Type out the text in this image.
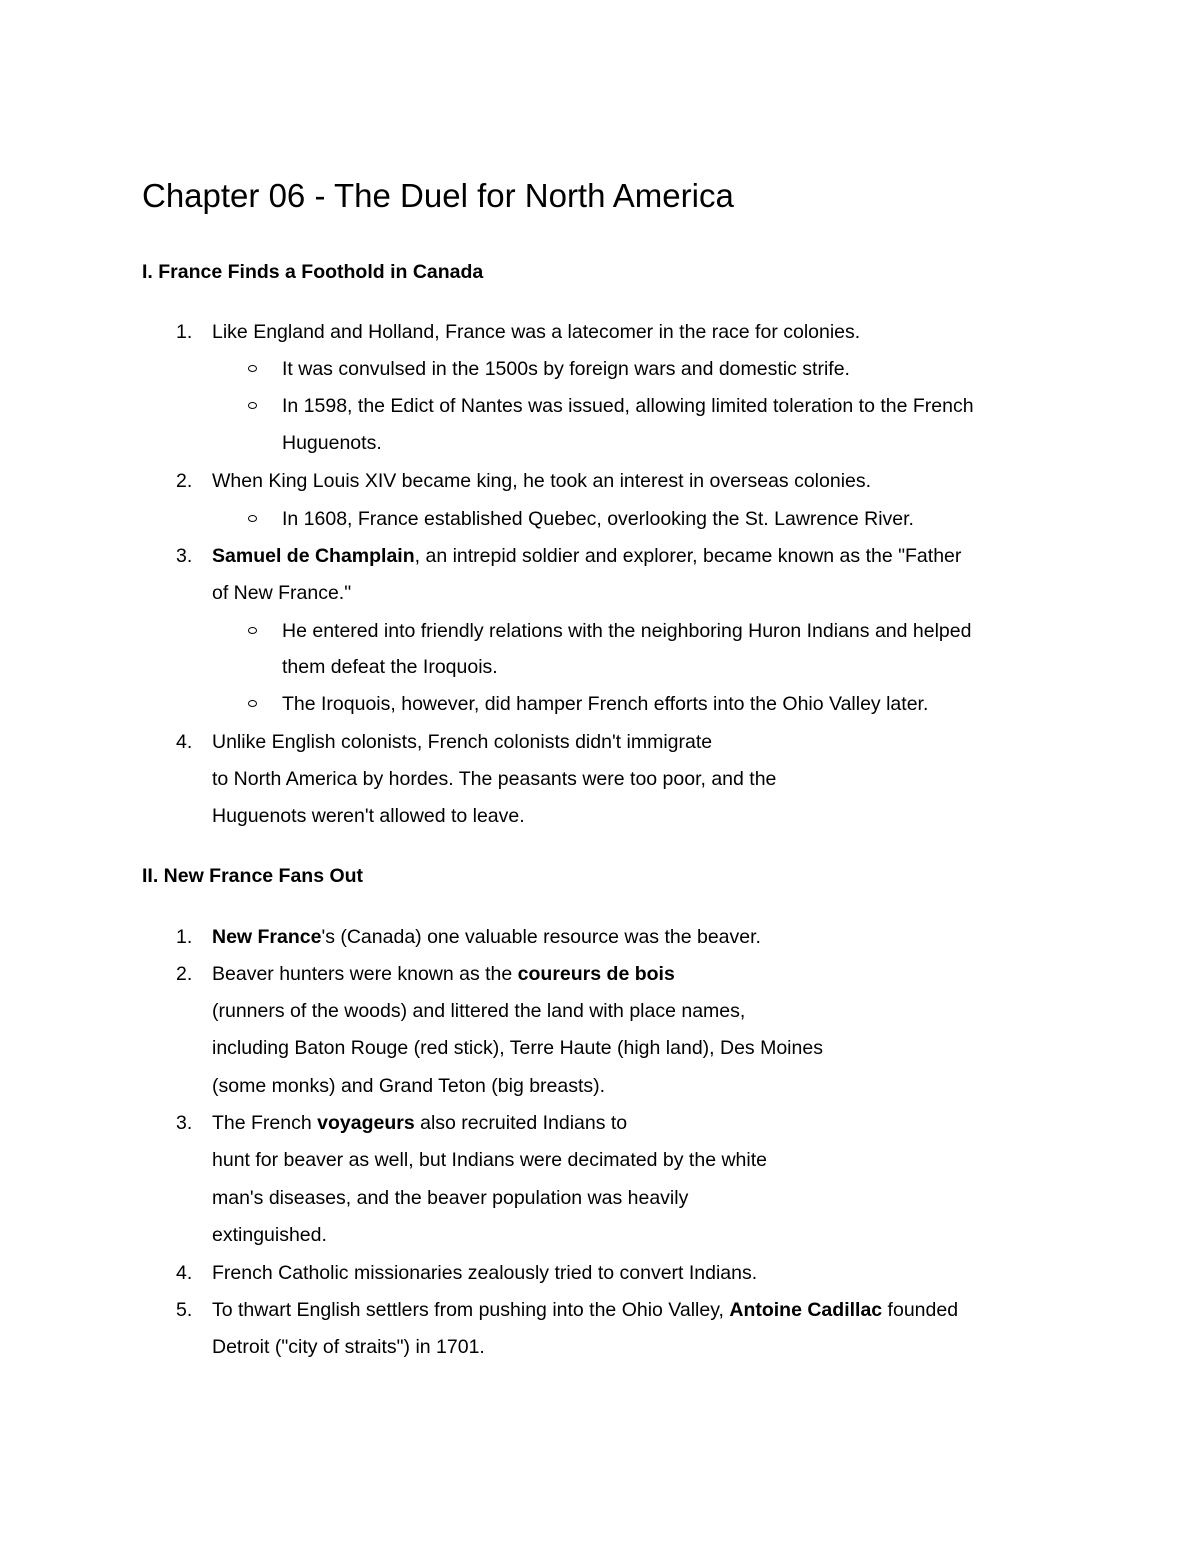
Chapter 06 - The Duel for North America
I. France Finds a Foothold in Canada
1.	Like England and Holland, France was a latecomer in the race for colonies.
It was convulsed in the 1500s by foreign wars and domestic strife.
In 1598, the Edict of Nantes was issued, allowing limited toleration to the French
Huguenots.
2.	When King Louis XIV became king, he took an interest in overseas colonies.
In 1608, France established Quebec, overlooking the St. Lawrence River.
3.	Samuel de Champlain, an intrepid soldier and explorer, became known as the "Father
of New France."
He entered into friendly relations with the neighboring Huron Indians and helped
them defeat the Iroquois.
The Iroquois, however, did hamper French efforts into the Ohio Valley later.
4.	Unlike English colonists, French colonists didn't immigrate
to North America by hordes. The peasants were too poor, and the
Huguenots weren't allowed to leave.
II. New France Fans Out
1.	New France's (Canada) one valuable resource was the beaver.
2.	Beaver hunters were known as the coureurs de bois
(runners of the woods) and littered the land with place names,
including Baton Rouge (red stick), Terre Haute (high land), Des Moines
(some monks) and Grand Teton (big breasts).
3.	The French voyageurs also recruited Indians to
hunt for beaver as well, but Indians were decimated by the white
man's diseases, and the beaver population was heavily
extinguished.
4.	French Catholic missionaries zealously tried to convert Indians.
5.	To thwart English settlers from pushing into the Ohio Valley, Antoine Cadillac founded
Detroit ("city of straits") in 1701.
